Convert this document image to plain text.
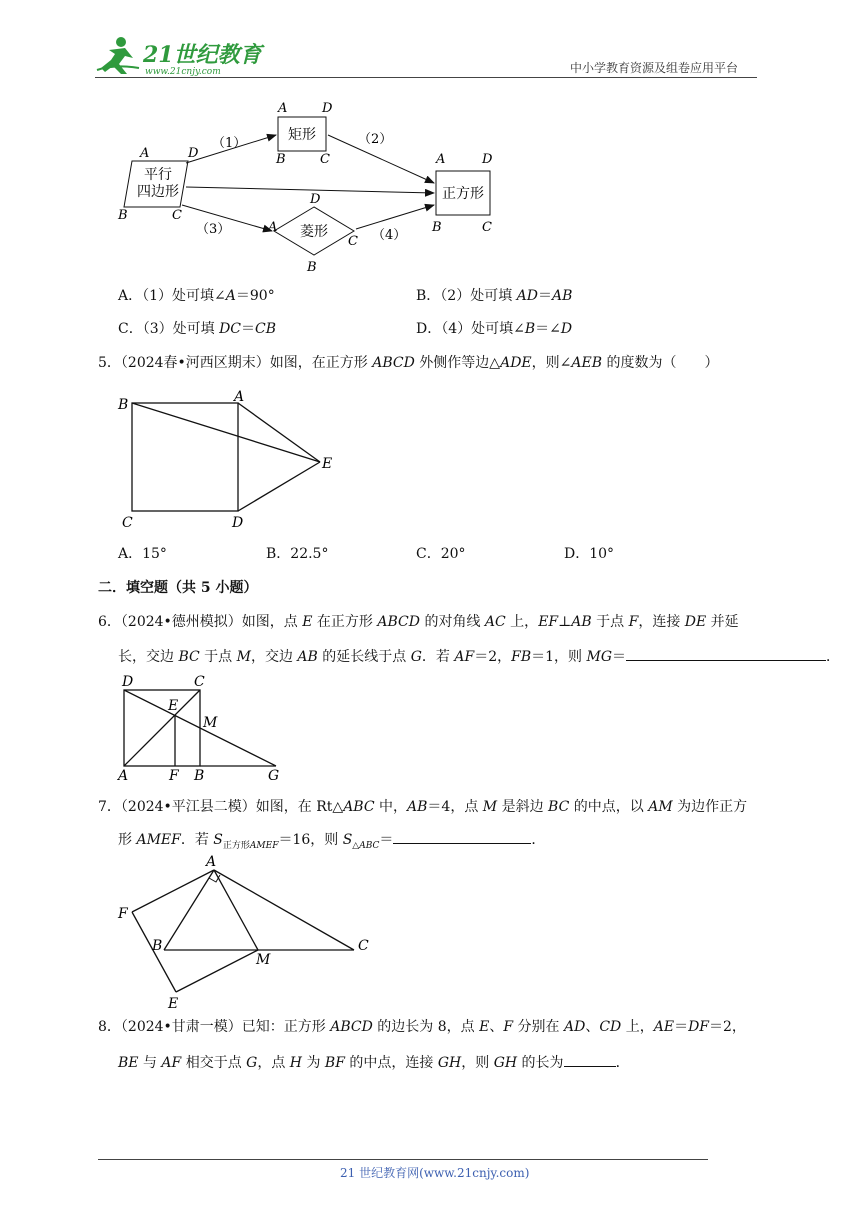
21世纪教育
www.21cnjy.com	中小学教育资源及组卷应用平台
平行
四边形
A	D
B	C
矩形
A	D
B	C
菱形
D
A
C
B
正方形
A	D
B	C
（1）	（2）
（3）	（4）
A．（1）处可填∠A＝90°	B．（2）处可填 AD＝AB
C．（3）处可填 DC＝CB	D．（4）处可填∠B＝∠D
5．（2024春•河西区期末）如图，在正方形 ABCD 外侧作等边△ADE，则∠AEB 的度数为（　　）
B	A
E
C	D
A．15°	B．22.5°	C．20°	D．10°
二．填空题（共 5 小题）
6．（2024•德州模拟）如图，点 E 在正方形 ABCD 的对角线 AC 上，EF⊥AB 于点 F，连接 DE 并延
长，交边 BC 于点 M，交边 AB 的延长线于点 G．若 AF＝2，FB＝1，则 MG＝	．
D	C
E
M
A	F B	G
7．（2024•平江县二模）如图，在 Rt△ABC 中，AB＝4，点 M 是斜边 BC 的中点，以 AM 为边作正方
形 AMEF．若 $S_{正方形AMEF}=16$，则 $S_{\triangle ABC}=$	．
A
F
B
M
C
E
8．（2024•甘肃一模）已知：正方形 ABCD 的边长为 8，点 E、F 分别在 AD、CD 上，AE＝DF＝2，
BE 与 AF 相交于点 G，点 H 为 BF 的中点，连接 GH，则 GH 的长为	．
21 世纪教育网(www.21cnjy.com)
